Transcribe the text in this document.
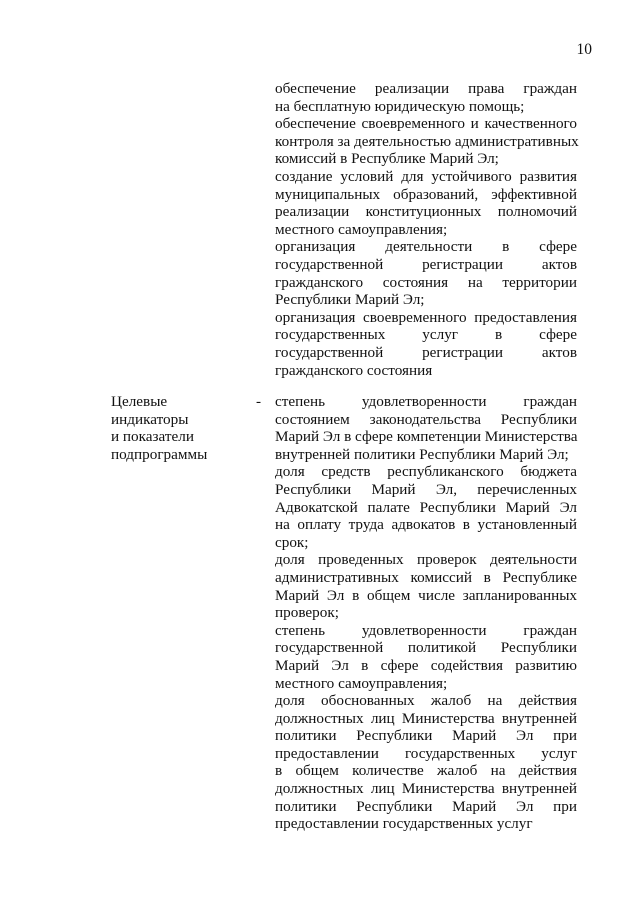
10
обеспечение реализации права граждан
на бесплатную юридическую помощь;
обеспечение своевременного и качественного
контроля за деятельностью административных
комиссий в Республике Марий Эл;
создание условий для устойчивого развития
муниципальных образований, эффективной
реализации конституционных полномочий
местного самоуправления;
организация деятельности в сфере
государственной регистрации актов
гражданского состояния на территории
Республики Марий Эл;
организация своевременного предоставления
государственных услуг в сфере
государственной регистрации актов
гражданского состояния
Целевые
индикаторы
и показатели
подпрограммы
- степень удовлетворенности граждан
состоянием законодательства Республики
Марий Эл в сфере компетенции Министерства
внутренней политики Республики Марий Эл;
доля средств республиканского бюджета
Республики Марий Эл, перечисленных
Адвокатской палате Республики Марий Эл
на оплату труда адвокатов в установленный
срок;
доля проведенных проверок деятельности
административных комиссий в Республике
Марий Эл в общем числе запланированных
проверок;
степень удовлетворенности граждан
государственной политикой Республики
Марий Эл в сфере содействия развитию
местного самоуправления;
доля обоснованных жалоб на действия
должностных лиц Министерства внутренней
политики Республики Марий Эл при
предоставлении государственных услуг
в общем количестве жалоб на действия
должностных лиц Министерства внутренней
политики Республики Марий Эл при
предоставлении государственных услуг
